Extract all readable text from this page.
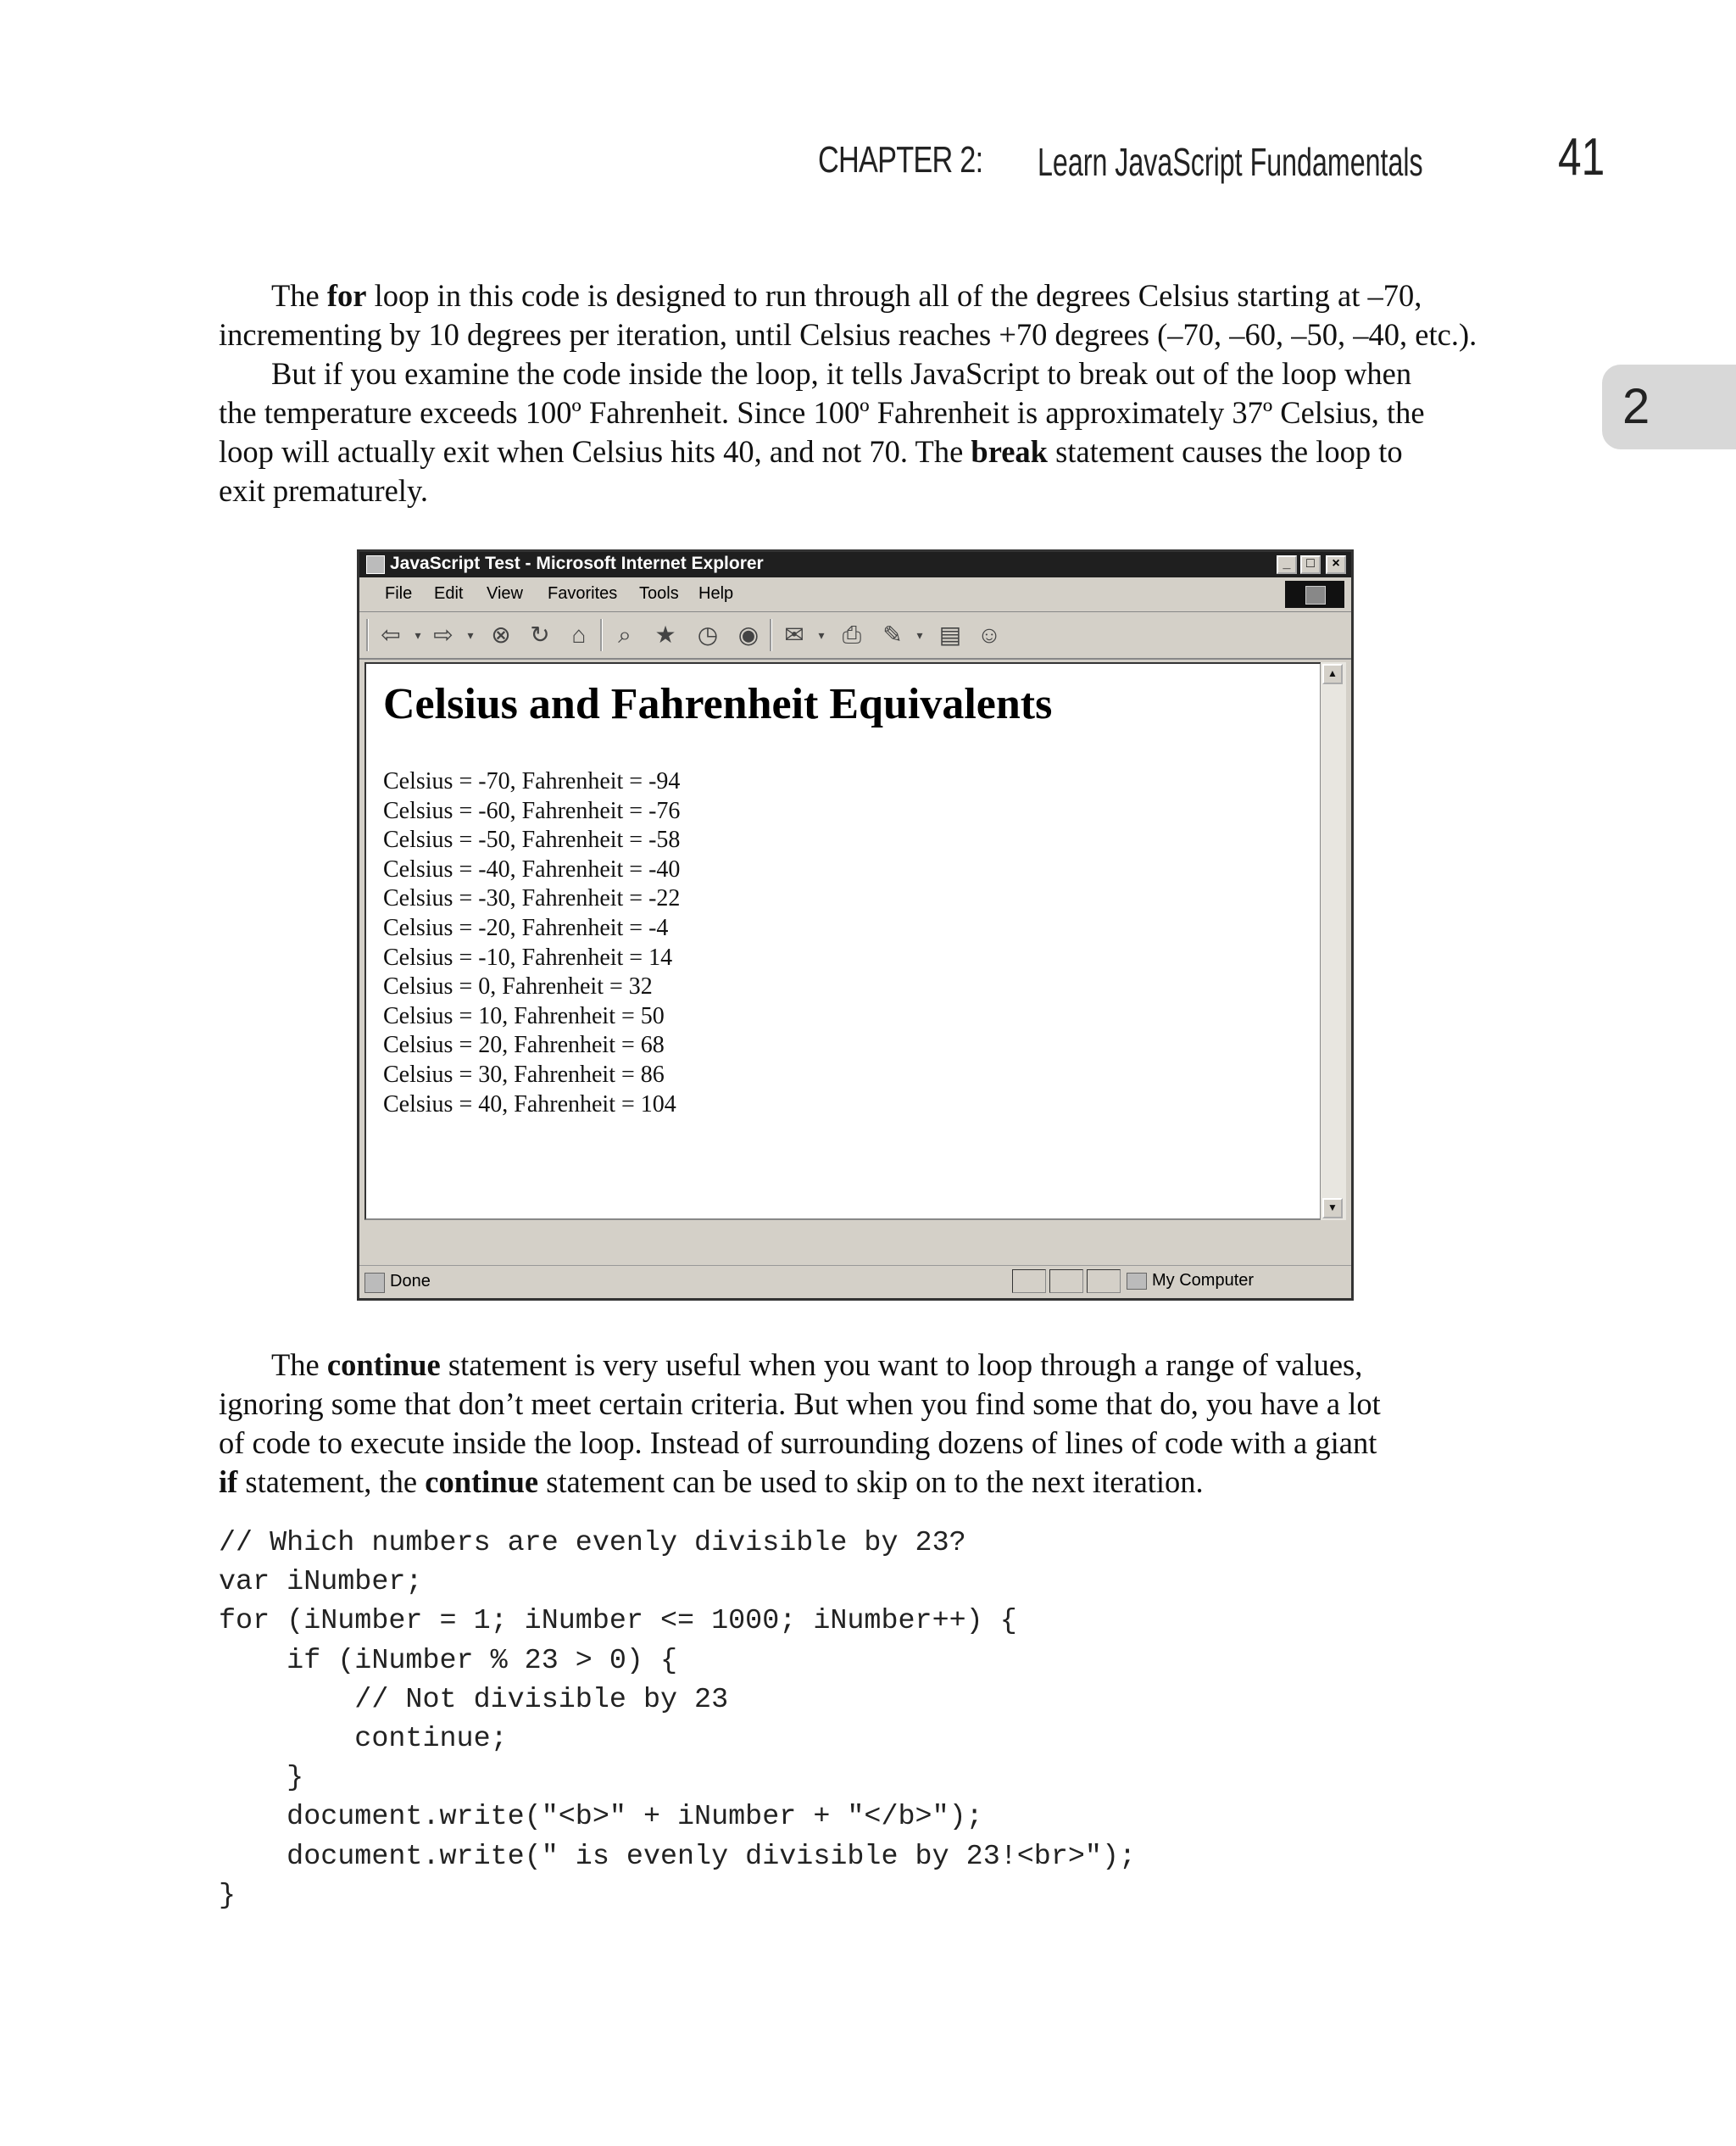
CHAPTER 2: Learn JavaScript Fundamentals	41
2

The for loop in this code is designed to run through all of the degrees Celsius starting at –70,
incrementing by 10 degrees per iteration, until Celsius reaches +70 degrees (–70, –60, –50, –40, etc.).

But if you examine the code inside the loop, it tells JavaScript to break out of the loop when
the temperature exceeds 100º Fahrenheit. Since 100º Fahrenheit is approximately 37º Celsius, the
loop will actually exit when Celsius hits 40, and not 70. The break statement causes the loop to
exit prematurely.

JavaScript Test - Microsoft Internet Explorer	_	□	×
File Edit View Favorites Tools Help
⇦	▾ ⇨	▾ ⊗ ↻ ⌂	⌕ ★ ◷ ◉ ✉	▾ ⎙ ✎	▾ ▤ ☺
Celsius and Fahrenheit Equivalents
Celsius = -70, Fahrenheit = -94
Celsius = -60, Fahrenheit = -76
Celsius = -50, Fahrenheit = -58
Celsius = -40, Fahrenheit = -40
Celsius = -30, Fahrenheit = -22
Celsius = -20, Fahrenheit = -4
Celsius = -10, Fahrenheit = 14
Celsius = 0, Fahrenheit = 32
Celsius = 10, Fahrenheit = 50
Celsius = 20, Fahrenheit = 68
Celsius = 30, Fahrenheit = 86
Celsius = 40, Fahrenheit = 104
▲
▼
Done	My Computer

The continue statement is very useful when you want to loop through a range of values,
ignoring some that don’t meet certain criteria. But when you find some that do, you have a lot
of code to execute inside the loop. Instead of surrounding dozens of lines of code with a giant
if statement, the continue statement can be used to skip on to the next iteration.

// Which numbers are evenly divisible by 23?
var iNumber;
for (iNumber = 1; iNumber <= 1000; iNumber++) {
if (iNumber % 23 > 0) {
// Not divisible by 23
continue;
}
document.write("<b>" + iNumber + "</b>");
document.write(" is evenly divisible by 23!<br>");
}
